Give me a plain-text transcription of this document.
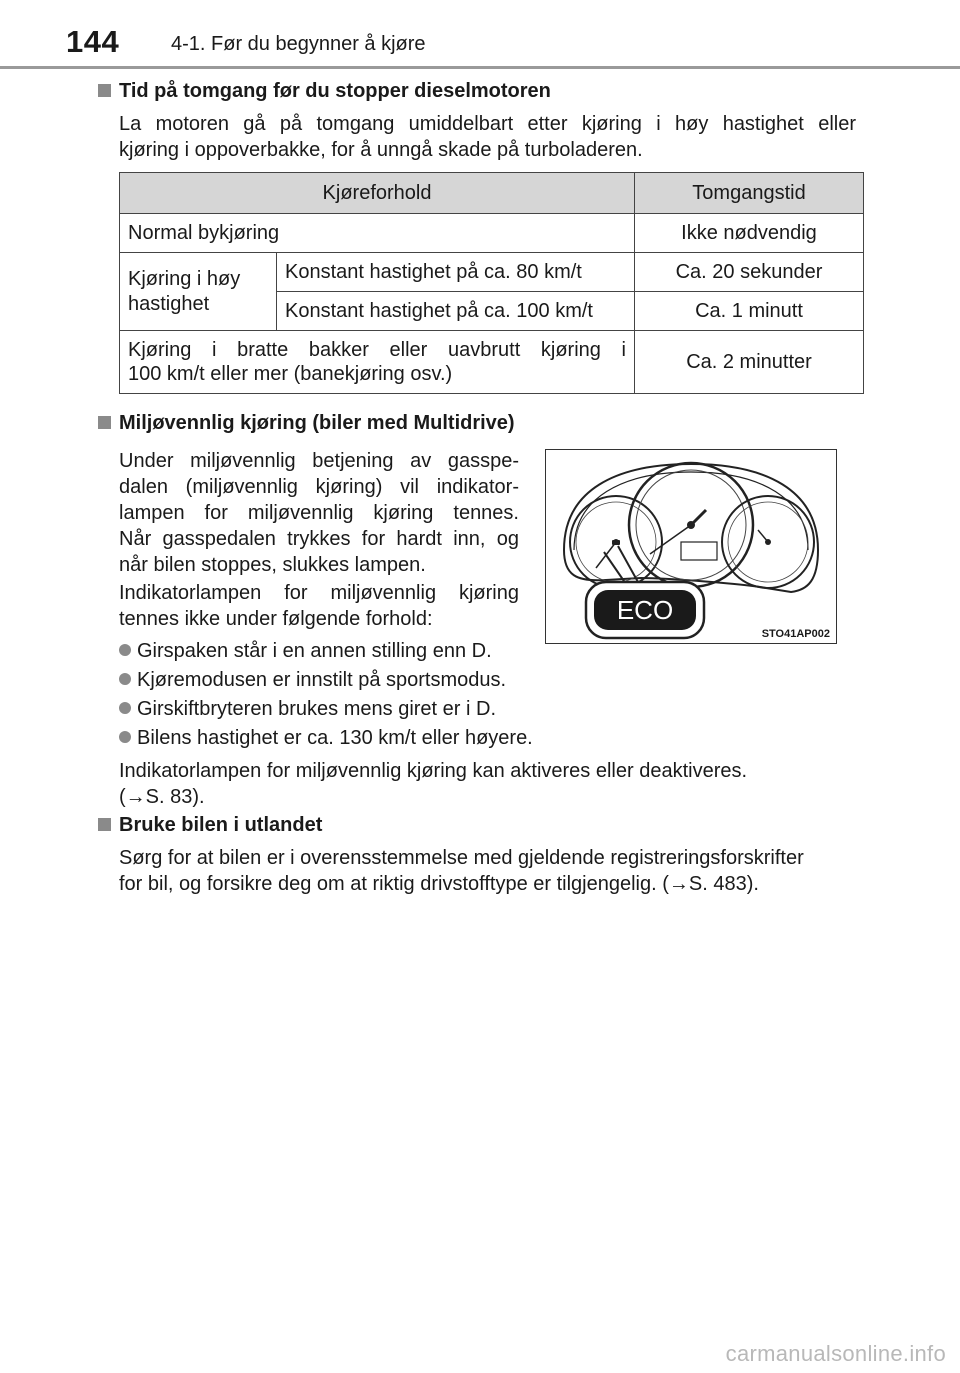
144	4-1. Før du begynner å kjøre
Tid på tomgang før du stopper dieselmotoren
La motoren gå på tomgang umiddelbart etter kjøring i høy hastighet eller
kjøring i oppoverbakke, for å unngå skade på turboladeren.
Kjøreforhold		Tomgangstid
Normal bykjøring		Ikke nødvendig
Kjøring i høy hastighet	Konstant hastighet på ca. 80 km/t	Ca. 20 sekunder
	Konstant hastighet på ca. 100 km/t	Ca. 1 minutt

Kjøring i bratte bakker eller uavbrutt kjøring i
100 km/t eller mer (banekjøring osv.)		Ca. 2 minutter
Miljøvennlig kjøring (biler med Multidrive)
Under miljøvennlig betjening av gasspe-
dalen (miljøvennlig kjøring) vil indikator-
lampen for miljøvennlig kjøring tennes.
Når gasspedalen trykkes for hardt inn, og
når bilen stoppes, slukkes lampen.
Indikatorlampen for miljøvennlig kjøring
tennes ikke under følgende forhold:
Girspaken står i en annen stilling enn D.
Kjøremodusen er innstilt på sportsmodus.
Girskiftbryteren brukes mens giret er i D.
Bilens hastighet er ca. 130 km/t eller høyere.
Indikatorlampen for miljøvennlig kjøring kan aktiveres eller deaktiveres.
(→S. 83).
ECO
STO41AP002
Bruke bilen i utlandet
Sørg for at bilen er i overensstemmelse med gjeldende registreringsforskrifter
for bil, og forsikre deg om at riktig drivstofftype er tilgjengelig. (→S. 483).
carmanualsonline.info
